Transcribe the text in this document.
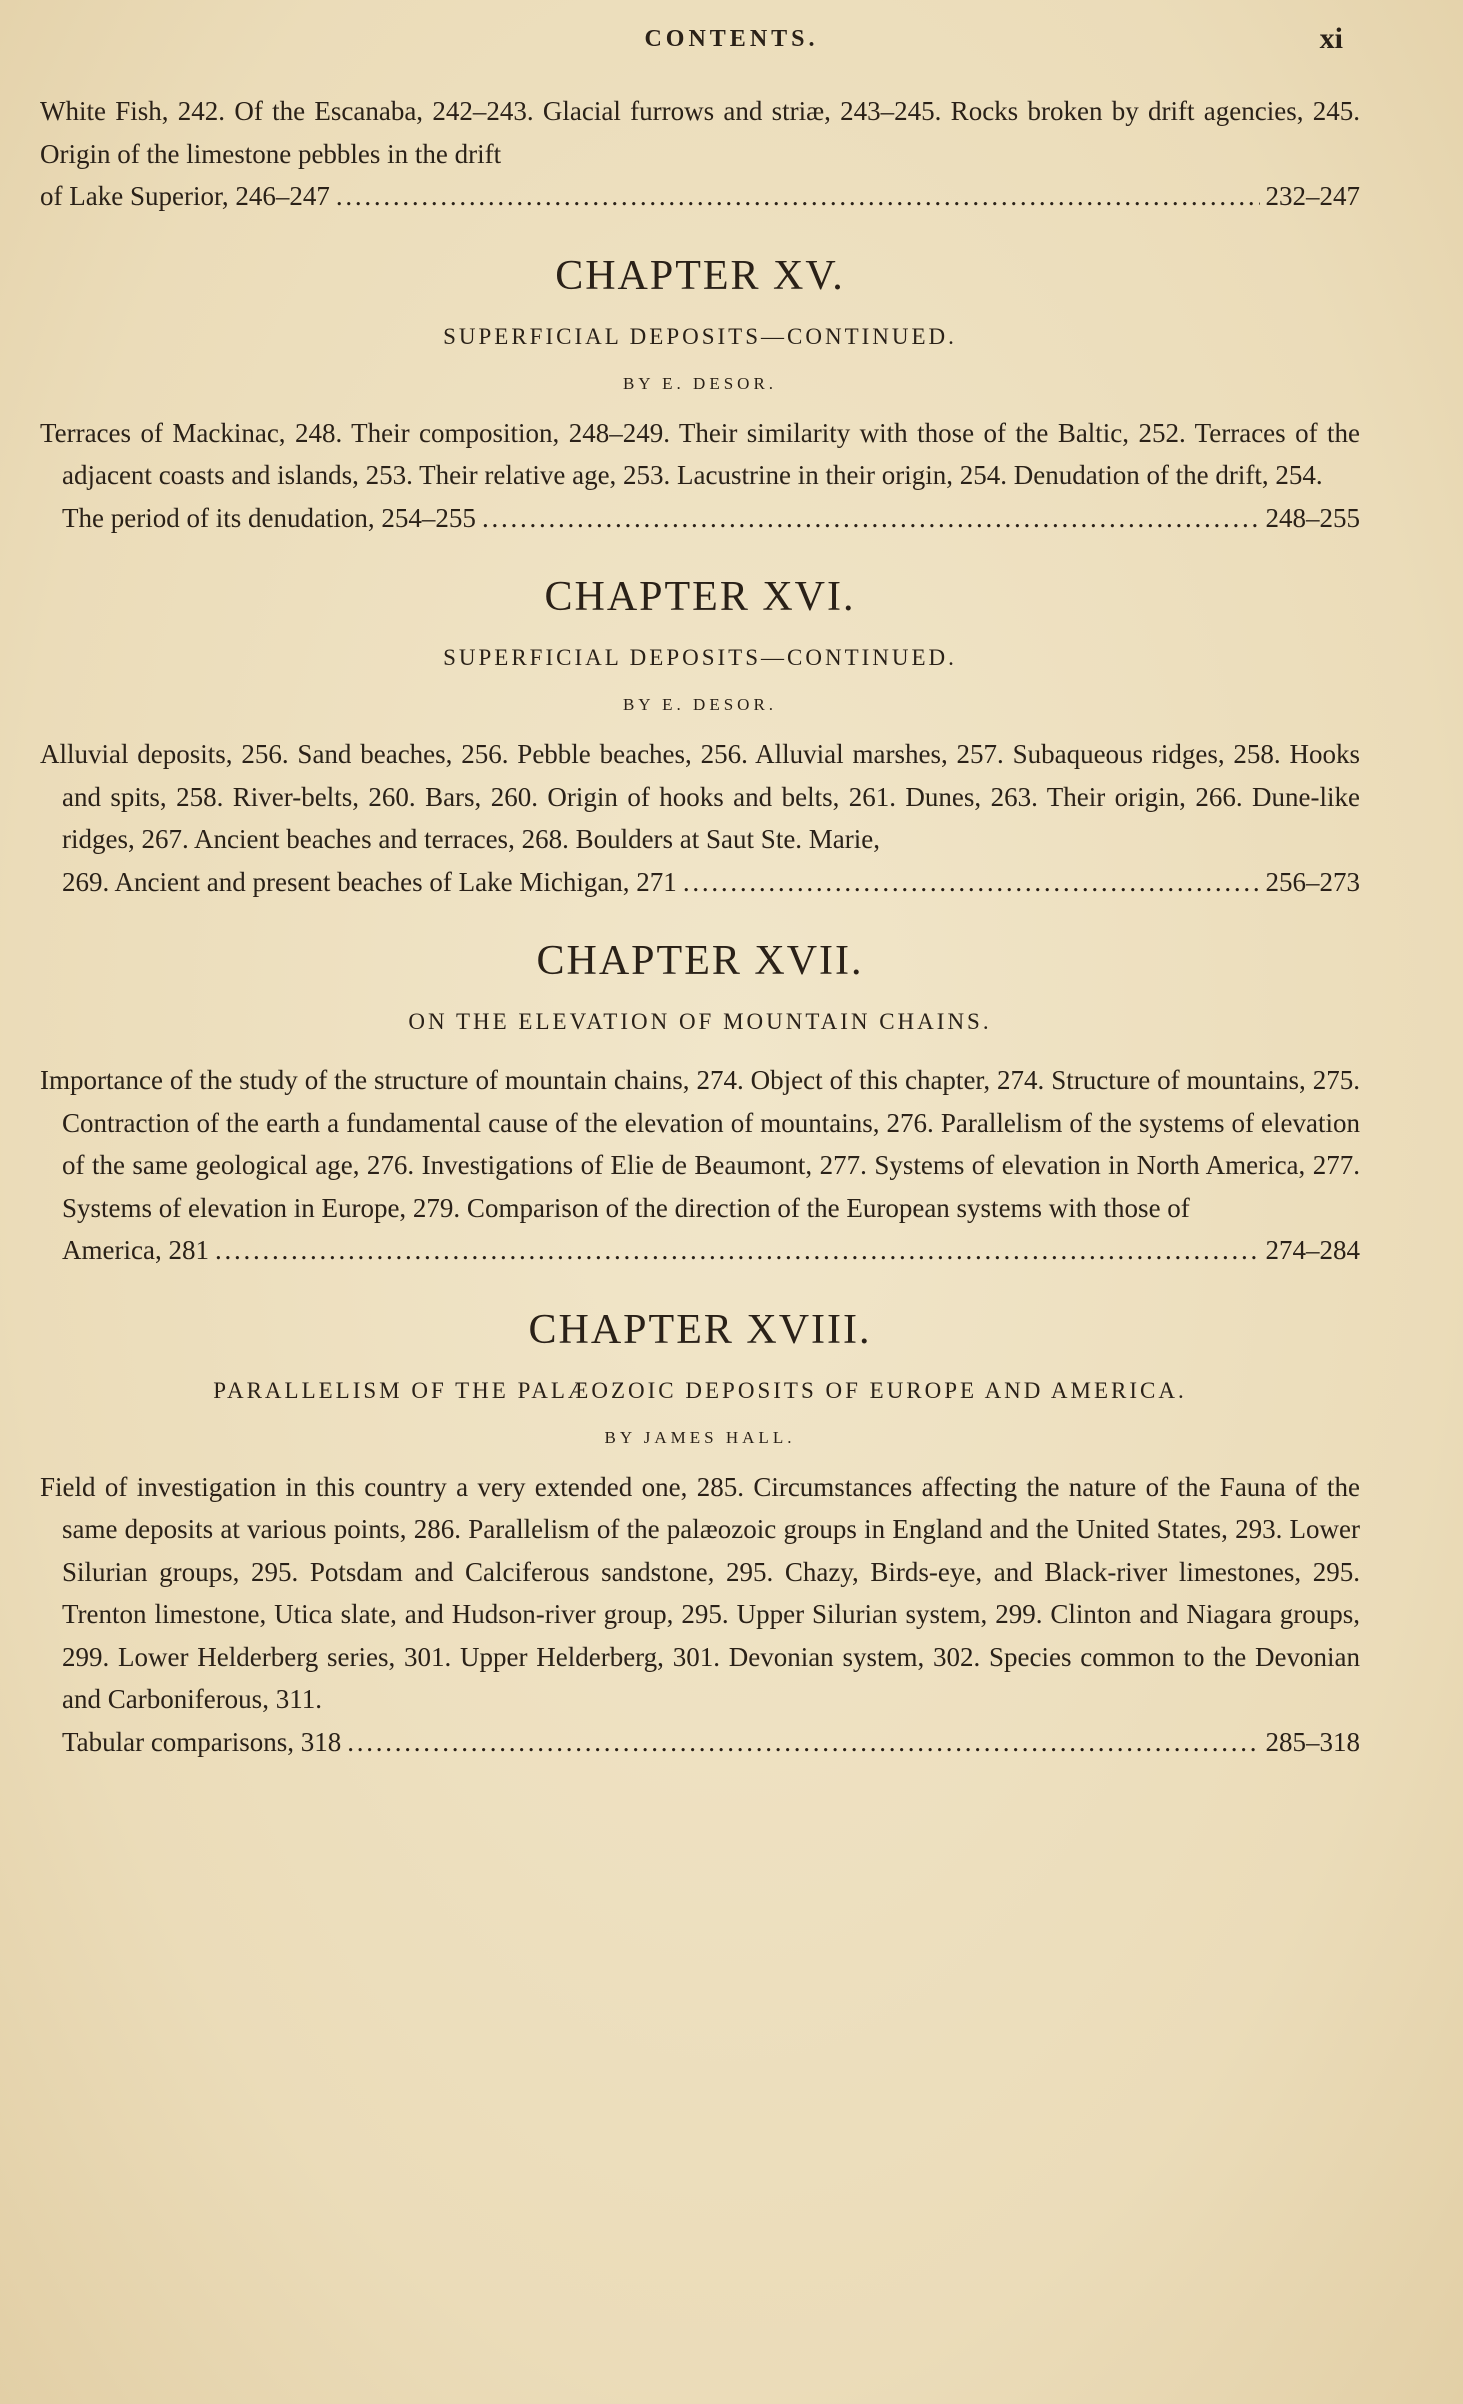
CONTENTS.	xi
White Fish, 242. Of the Escanaba, 242–243. Glacial furrows and striæ, 243–245. Rocks broken by drift agencies, 245. Origin of the limestone pebbles in the drift
of Lake Superior, 246–247 . . .	232–247
CHAPTER XV.
SUPERFICIAL DEPOSITS—CONTINUED.
BY E. DESOR.
Terraces of Mackinac, 248. Their composition, 248–249. Their similarity with those of the Baltic, 252. Terraces of the adjacent coasts and islands, 253. Their relative age, 253. Lacustrine in their origin, 254. Denudation of the drift, 254.
The period of its denudation, 254–255 . . .	248–255
CHAPTER XVI.
SUPERFICIAL DEPOSITS—CONTINUED.
BY E. DESOR.
Alluvial deposits, 256. Sand beaches, 256. Pebble beaches, 256. Alluvial marshes, 257. Subaqueous ridges, 258. Hooks and spits, 258. River-belts, 260. Bars, 260. Origin of hooks and belts, 261. Dunes, 263. Their origin, 266. Dune-like ridges, 267. Ancient beaches and terraces, 268. Boulders at Saut Ste. Marie,
269. Ancient and present beaches of Lake Michigan, 271 . . .	256–273
CHAPTER XVII.
ON THE ELEVATION OF MOUNTAIN CHAINS.
Importance of the study of the structure of mountain chains, 274. Object of this chapter, 274. Structure of mountains, 275. Contraction of the earth a fundamental cause of the elevation of mountains, 276. Parallelism of the systems of elevation of the same geological age, 276. Investigations of Elie de Beaumont, 277. Systems of elevation in North America, 277. Systems of elevation in Europe, 279. Comparison of the direction of the European systems with those of
America, 281 . . .	274–284
CHAPTER XVIII.
PARALLELISM OF THE PALÆOZOIC DEPOSITS OF EUROPE AND AMERICA.
BY JAMES HALL.
Field of investigation in this country a very extended one, 285. Circumstances affecting the nature of the Fauna of the same deposits at various points, 286. Parallelism of the palæozoic groups in England and the United States, 293. Lower Silurian groups, 295. Potsdam and Calciferous sandstone, 295. Chazy, Birds-eye, and Black-river limestones, 295. Trenton limestone, Utica slate, and Hudson-river group, 295. Upper Silurian system, 299. Clinton and Niagara groups, 299. Lower Helderberg series, 301. Upper Helderberg, 301. Devonian system, 302. Species common to the Devonian and Carboniferous, 311.
Tabular comparisons, 318 . . .	285–318
